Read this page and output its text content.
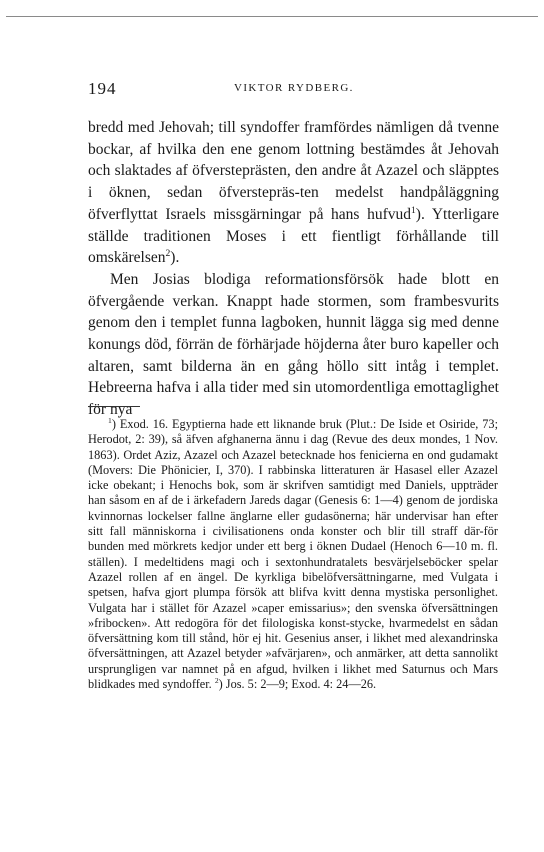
194	VIKTOR RYDBERG.

bredd med Jehovah; till syndoffer framfördes nämligen då tvenne bockar, af hvilka den ene genom lottning bestämdes åt Jehovah och slaktades af öfversteprästen, den andre åt Azazel och släpptes i öknen, sedan öfverstepräs-ten medelst handpåläggning öfverflyttat Israels missgärningar på hans hufvud$^1$). Ytterligare ställde traditionen Moses i ett fientligt förhållande till omskärelsen$^2$).

Men Josias blodiga reformationsförsök hade blott en öfvergående verkan. Knappt hade stormen, som frambesvurits genom den i templet funna lagboken, hunnit lägga sig med denne konungs död, förrän de förhärjade höjderna åter buro kapeller och altaren, samt bilderna än en gång höllo sitt intåg i templet. Hebreerna hafva i alla tider med sin utomordentliga emottaglighet för nya

$^1$) Exod. 16. Egyptierna hade ett liknande bruk (Plut.: De Iside et Osiride, 73; Herodot, 2: 39), så äfven afghanerna ännu i dag (Revue des deux mondes, 1 Nov. 1863). Ordet Aziz, Azazel och Azazel betecknade hos fenicierna en ond gudamakt (Movers: Die Phönicier, I, 370). I rabbinska litteraturen är Hasasel eller Azazel icke obekant; i Henochs bok, som är skrifven samtidigt med Daniels, uppträder han såsom en af de i ärkefadern Jareds dagar (Genesis 6: 1—4) genom de jordiska kvinnornas lockelser fallne änglarne eller gudasönerna; här undervisar han efter sitt fall människorna i civilisationens onda konster och blir till straff där-för bunden med mörkrets kedjor under ett berg i öknen Dudael (Henoch 6—10 m. fl. ställen). I medeltidens magi och i sextonhundratalets besvärjelseböcker spelar Azazel rollen af en ängel. De kyrkliga bibelöfversättningarne, med Vulgata i spetsen, hafva gjort plumpa försök att blifva kvitt denna mystiska personlighet. Vulgata har i stället för Azazel »caper emissarius»; den svenska öfversättningen »fribocken». Att redogöra för det filologiska konst-stycke, hvarmedelst en sådan öfversättning kom till stånd, hör ej hit. Gesenius anser, i likhet med alexandrinska öfversättningen, att Azazel betyder »afvärjaren», och anmärker, att detta sannolikt ursprungligen var namnet på en afgud, hvilken i likhet med Saturnus och Mars blidkades med syndoffer. $^2$) Jos. 5: 2—9; Exod. 4: 24—26.
